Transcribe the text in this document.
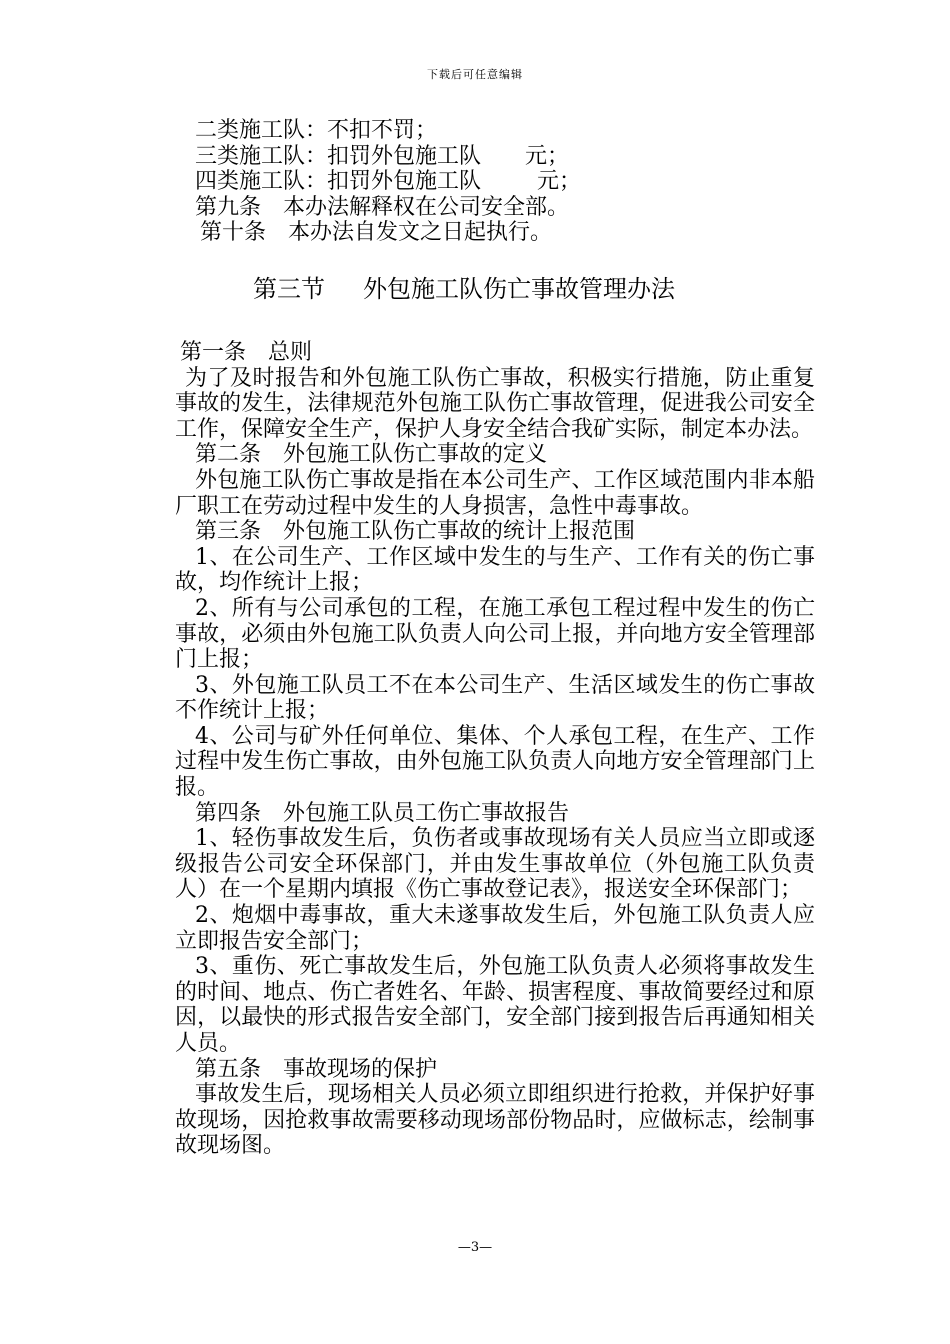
下载后可任意编辑
二类施工队：不扣不罚；
三类施工队：扣罚外包施工队 元；
四类施工队：扣罚外包施工队	元；
第九条　本办法解释权在公司安全部。
第十条　本办法自发文之日起执行。
第三节 外包施工队伤亡事故管理办法
第一条　总则
为了及时报告和外包施工队伤亡事故，积极实行措施，防止重复事故的发生，法律规范外包施工队伤亡事故管理，促进我公司安全工作，保障安全生产，保护人身安全结合我矿实际，制定本办法。
第二条　外包施工队伤亡事故的定义
外包施工队伤亡事故是指在本公司生产、工作区域范围内非本船厂职工在劳动过程中发生的人身损害，急性中毒事故。
第三条　外包施工队伤亡事故的统计上报范围
1、在公司生产、工作区域中发生的与生产、工作有关的伤亡事故，均作统计上报；
2、所有与公司承包的工程，在施工承包工程过程中发生的伤亡事故，必须由外包施工队负责人向公司上报，并向地方安全管理部门上报；
3、外包施工队员工不在本公司生产、生活区域发生的伤亡事故不作统计上报；
4、公司与矿外任何单位、集体、个人承包工程，在生产、工作过程中发生伤亡事故，由外包施工队负责人向地方安全管理部门上报。
第四条　外包施工队员工伤亡事故报告
1、轻伤事故发生后，负伤者或事故现场有关人员应当立即或逐级报告公司安全环保部门，并由发生事故单位（外包施工队负责人）在一个星期内填报《伤亡事故登记表》，报送安全环保部门；
2、炮烟中毒事故，重大未遂事故发生后，外包施工队负责人应立即报告安全部门；
3、重伤、死亡事故发生后，外包施工队负责人必须将事故发生的时间、地点、伤亡者姓名、年龄、损害程度、事故简要经过和原因，以最快的形式报告安全部门，安全部门接到报告后再通知相关人员。
第五条　事故现场的保护
事故发生后，现场相关人员必须立即组织进行抢救，并保护好事故现场，因抢救事故需要移动现场部份物品时，应做标志，绘制事故现场图。
—3—
